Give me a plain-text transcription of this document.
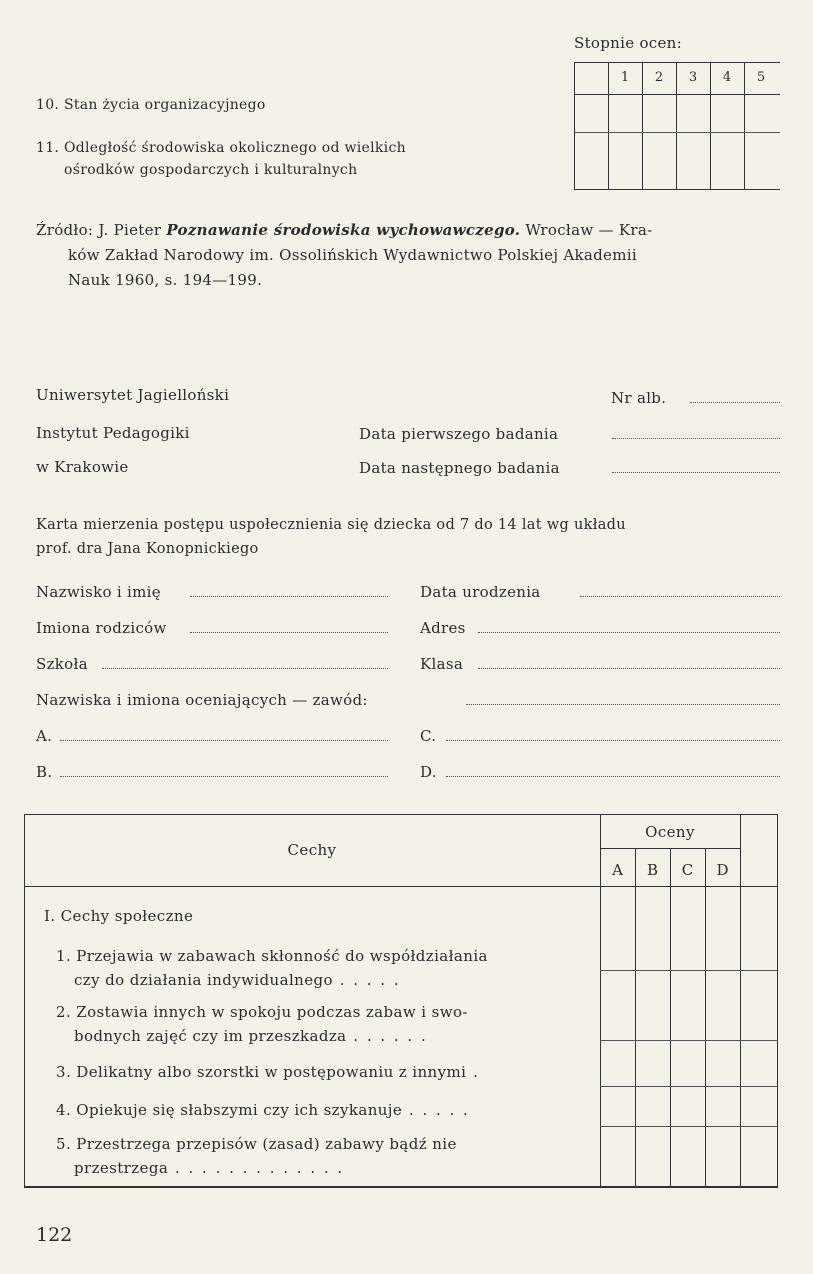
Stopnie ocen:
1	2	3	4	5
10. Stan życia organizacyjnego
11. Odległość środowiska okolicznego od wielkich
ośrodków gospodarczych i kulturalnych
Źródło: J. Pieter Poznawanie środowiska wychowawczego. Wrocław — Kra-
ków Zakład Narodowy im. Ossolińskich Wydawnictwo Polskiej Akademii
Nauk 1960, s. 194—199.
Uniwersytet Jagielloński
Instytut Pedagogiki
w Krakowie
Nr alb.
Data pierwszego badania
Data następnego badania
Karta mierzenia postępu uspołecznienia się dziecka od 7 do 14 lat wg układu
prof. dra Jana Konopnickiego
Nazwisko i imię	Data urodzenia
Imiona rodziców	Adres
Szkoła	Klasa
Nazwiska i imiona oceniających — zawód:
A.	C.
B.	D.
Cechy
Oceny
A	B	C	D
I. Cechy społeczne
1. Przejawia w zabawach skłonność do współdziałania
czy do działania indywidualnego . . . . .
2. Zostawia innych w spokoju podczas zabaw i swo-
bodnych zajęć czy im przeszkadza . . . . . .
3. Delikatny albo szorstki w postępowaniu z innymi .
4. Opiekuje się słabszymi czy ich szykanuje . . . . .
5. Przestrzega przepisów (zasad) zabawy bądź nie
przestrzega . . . . . . . . . . . . .
122
